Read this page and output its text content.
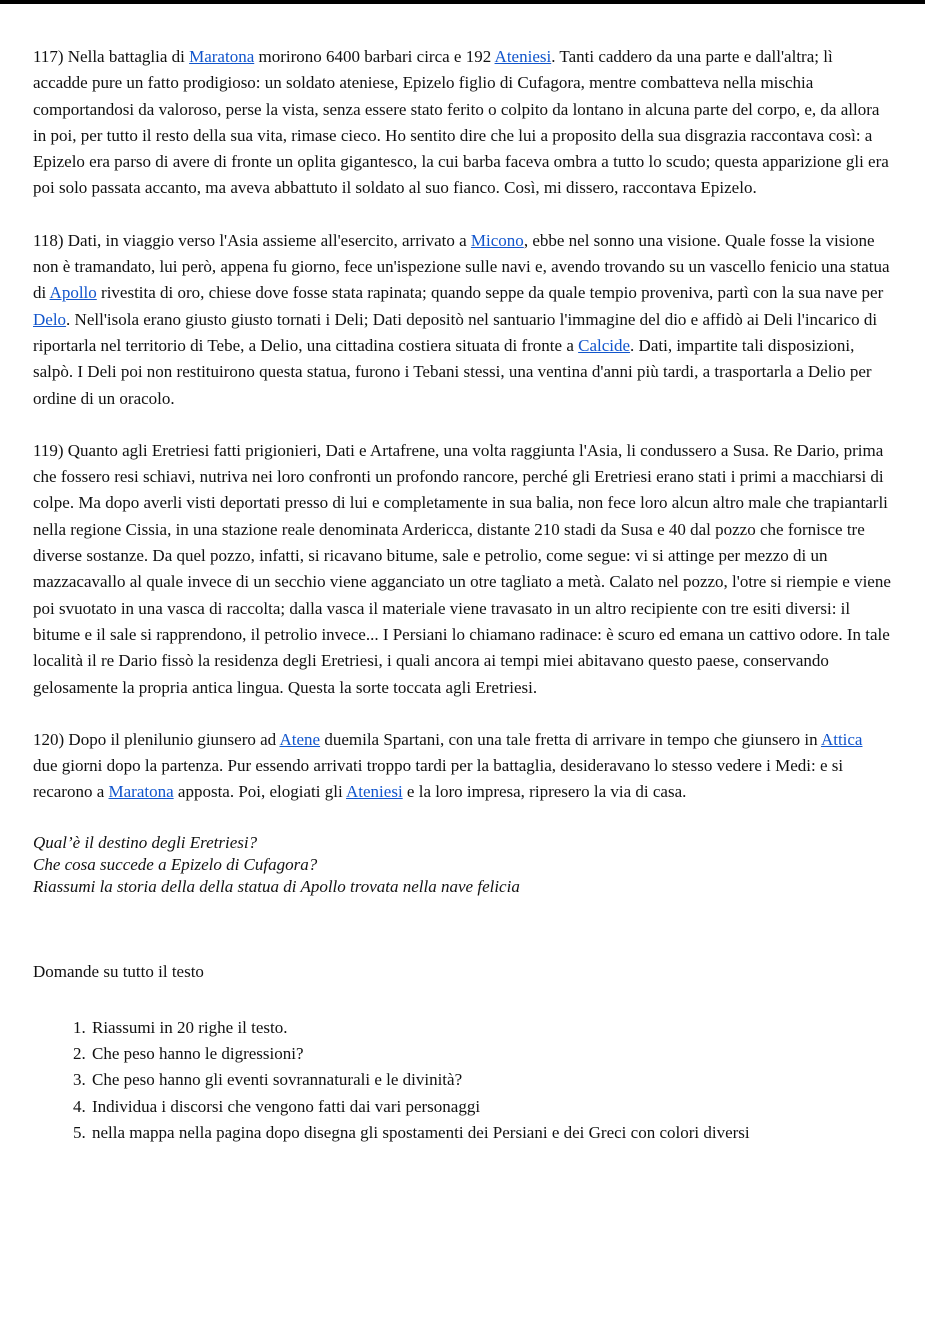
117) Nella battaglia di Maratona morirono 6400 barbari circa e 192 Ateniesi. Tanti caddero da una parte e dall'altra; lì accadde pure un fatto prodigioso: un soldato ateniese, Epizelo figlio di Cufagora, mentre combatteva nella mischia comportandosi da valoroso, perse la vista, senza essere stato ferito o colpito da lontano in alcuna parte del corpo, e, da allora in poi, per tutto il resto della sua vita, rimase cieco. Ho sentito dire che lui a proposito della sua disgrazia raccontava così: a Epizelo era parso di avere di fronte un oplita gigantesco, la cui barba faceva ombra a tutto lo scudo; questa apparizione gli era poi solo passata accanto, ma aveva abbattuto il soldato al suo fianco. Così, mi dissero, raccontava Epizelo.

118) Dati, in viaggio verso l'Asia assieme all'esercito, arrivato a Micono, ebbe nel sonno una visione. Quale fosse la visione non è tramandato, lui però, appena fu giorno, fece un'ispezione sulle navi e, avendo trovando su un vascello fenicio una statua di Apollo rivestita di oro, chiese dove fosse stata rapinata; quando seppe da quale tempio proveniva, partì con la sua nave per Delo. Nell'isola erano giusto giusto tornati i Deli; Dati depositò nel santuario l'immagine del dio e affidò ai Deli l'incarico di riportarla nel territorio di Tebe, a Delio, una cittadina costiera situata di fronte a Calcide. Dati, impartite tali disposizioni, salpò. I Deli poi non restituirono questa statua, furono i Tebani stessi, una ventina d'anni più tardi, a trasportarla a Delio per ordine di un oracolo.

119) Quanto agli Eretriesi fatti prigionieri, Dati e Artafrene, una volta raggiunta l'Asia, li condussero a Susa. Re Dario, prima che fossero resi schiavi, nutriva nei loro confronti un profondo rancore, perché gli Eretriesi erano stati i primi a macchiarsi di colpe. Ma dopo averli visti deportati presso di lui e completamente in sua balia, non fece loro alcun altro male che trapiantarli nella regione Cissia, in una stazione reale denominata Ardericca, distante 210 stadi da Susa e 40 dal pozzo che fornisce tre diverse sostanze. Da quel pozzo, infatti, si ricavano bitume, sale e petrolio, come segue: vi si attinge per mezzo di un mazzacavallo al quale invece di un secchio viene agganciato un otre tagliato a metà. Calato nel pozzo, l'otre si riempie e viene poi svuotato in una vasca di raccolta; dalla vasca il materiale viene travasato in un altro recipiente con tre esiti diversi: il bitume e il sale si rapprendono, il petrolio invece... I Persiani lo chiamano radinace: è scuro ed emana un cattivo odore. In tale località il re Dario fissò la residenza degli Eretriesi, i quali ancora ai tempi miei abitavano questo paese, conservando gelosamente la propria antica lingua. Questa la sorte toccata agli Eretriesi.

120) Dopo il plenilunio giunsero ad Atene duemila Spartani, con una tale fretta di arrivare in tempo che giunsero in Attica due giorni dopo la partenza. Pur essendo arrivati troppo tardi per la battaglia, desideravano lo stesso vedere i Medi: e si recarono a Maratona apposta. Poi, elogiati gli Ateniesi e la loro impresa, ripresero la via di casa.

Qual’è il destino degli Eretriesi?
Che cosa succede a Epizelo di Cufagora?
Riassumi la storia della della statua di Apollo trovata nella nave felicia
Domande su tutto il testo
1. Riassumi in 20 righe il testo.
2. Che peso hanno le digressioni?
3. Che peso hanno gli eventi sovrannaturali e le divinità?
4. Individua i discorsi che vengono fatti dai vari personaggi
5. nella mappa nella pagina dopo disegna gli spostamenti dei Persiani e dei Greci con colori diversi
